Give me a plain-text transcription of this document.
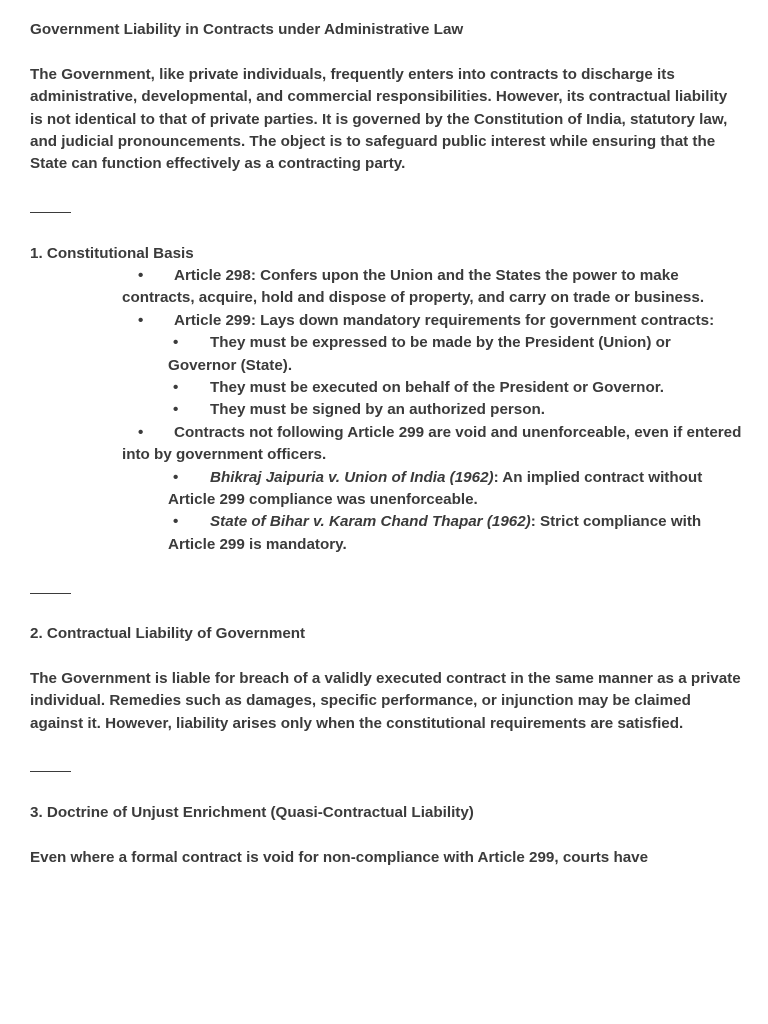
Government Liability in Contracts under Administrative Law

The Government, like private individuals, frequently enters into contracts to discharge its administrative, developmental, and commercial responsibilities. However, its contractual liability is not identical to that of private parties. It is governed by the Constitution of India, statutory law, and judicial pronouncements. The object is to safeguard public interest while ensuring that the State can function effectively as a contracting party.

1. Constitutional Basis

• Article 298: Confers upon the Union and the States the power to make contracts, acquire, hold and dispose of property, and carry on trade or business.

• Article 299: Lays down mandatory requirements for government contracts:

• They must be expressed to be made by the President (Union) or Governor (State).

• They must be executed on behalf of the President or Governor.

• They must be signed by an authorized person.

• Contracts not following Article 299 are void and unenforceable, even if entered into by government officers.

• Bhikraj Jaipuria v. Union of India (1962): An implied contract without Article 299 compliance was unenforceable.

• State of Bihar v. Karam Chand Thapar (1962): Strict compliance with Article 299 is mandatory.

2. Contractual Liability of Government

The Government is liable for breach of a validly executed contract in the same manner as a private individual. Remedies such as damages, specific performance, or injunction may be claimed against it. However, liability arises only when the constitutional requirements are satisfied.

3. Doctrine of Unjust Enrichment (Quasi-Contractual Liability)

Even where a formal contract is void for non-compliance with Article 299, courts have
